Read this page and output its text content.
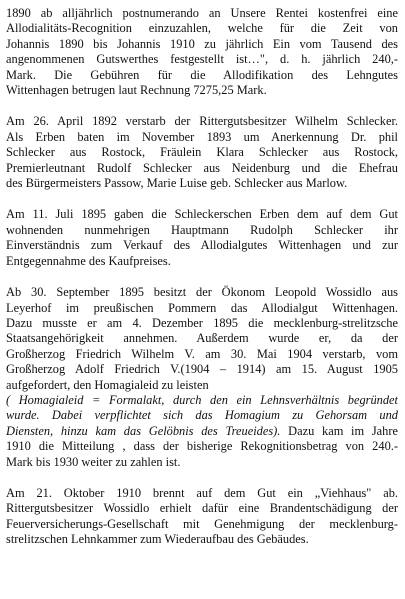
1890 ab alljährlich postnumerando an Unsere Rentei kostenfrei eine
Allodialitäts-Recognition einzuzahlen, welche für die Zeit von
Johannis 1890 bis Johannis 1910 zu jährlich Ein vom Tausend des
angenommenen Gutswerthes festgestellt ist…", d. h. jährlich 240,-
Mark. Die Gebühren für die Allodifikation des Lehngutes
Wittenhagen betrugen laut Rechnung 7275,25 Mark.
Am 26. April 1892 verstarb der Rittergutsbesitzer Wilhelm Schlecker.
Als Erben baten im November 1893 um Anerkennung Dr. phil
Schlecker aus Rostock, Fräulein Klara Schlecker aus Rostock,
Premierleutnant Rudolf Schlecker aus Neidenburg und die Ehefrau
des Bürgermeisters Passow, Marie Luise geb. Schlecker aus Marlow.
Am 11. Juli 1895 gaben die Schleckerschen Erben dem auf dem Gut
wohnenden nunmehrigen Hauptmann Rudolph Schlecker ihr
Einverständnis zum Verkauf des Allodialgutes Wittenhagen und zur
Entgegennahme des Kaufpreises.
Ab 30. September 1895 besitzt der Ökonom Leopold Wossidlo aus
Leyerhof im preußischen Pommern das Allodialgut Wittenhagen.
Dazu musste er am 4. Dezember 1895 die mecklenburg-strelitzsche
Staatsangehörigkeit annehmen. Außerdem wurde er, da der
Großherzog Friedrich Wilhelm V. am 30. Mai 1904 verstarb, vom
Großherzog Adolf Friedrich V.(1904 – 1914) am 15. August 1905
aufgefordert, den Homagialeid zu leisten
( Homagialeid = Formalakt, durch den ein Lehnsverhältnis begründet
wurde. Dabei verpflichtet sich das Homagium zu Gehorsam und
Diensten, hinzu kam das Gelöbnis des Treueides). Dazu kam im Jahre
1910 die Mitteilung , dass der bisherige Rekognitionsbetrag von 240.-
Mark bis 1930 weiter zu zahlen ist.
Am 21. Oktober 1910 brennt auf dem Gut ein „Viehhaus" ab.
Rittergutsbesitzer Wossidlo erhielt dafür eine Brandentschädigung der
Feuerversicherungs-Gesellschaft mit Genehmigung der mecklenburg-
strelitzschen Lehnkammer zum Wiederaufbau des Gebäudes.
